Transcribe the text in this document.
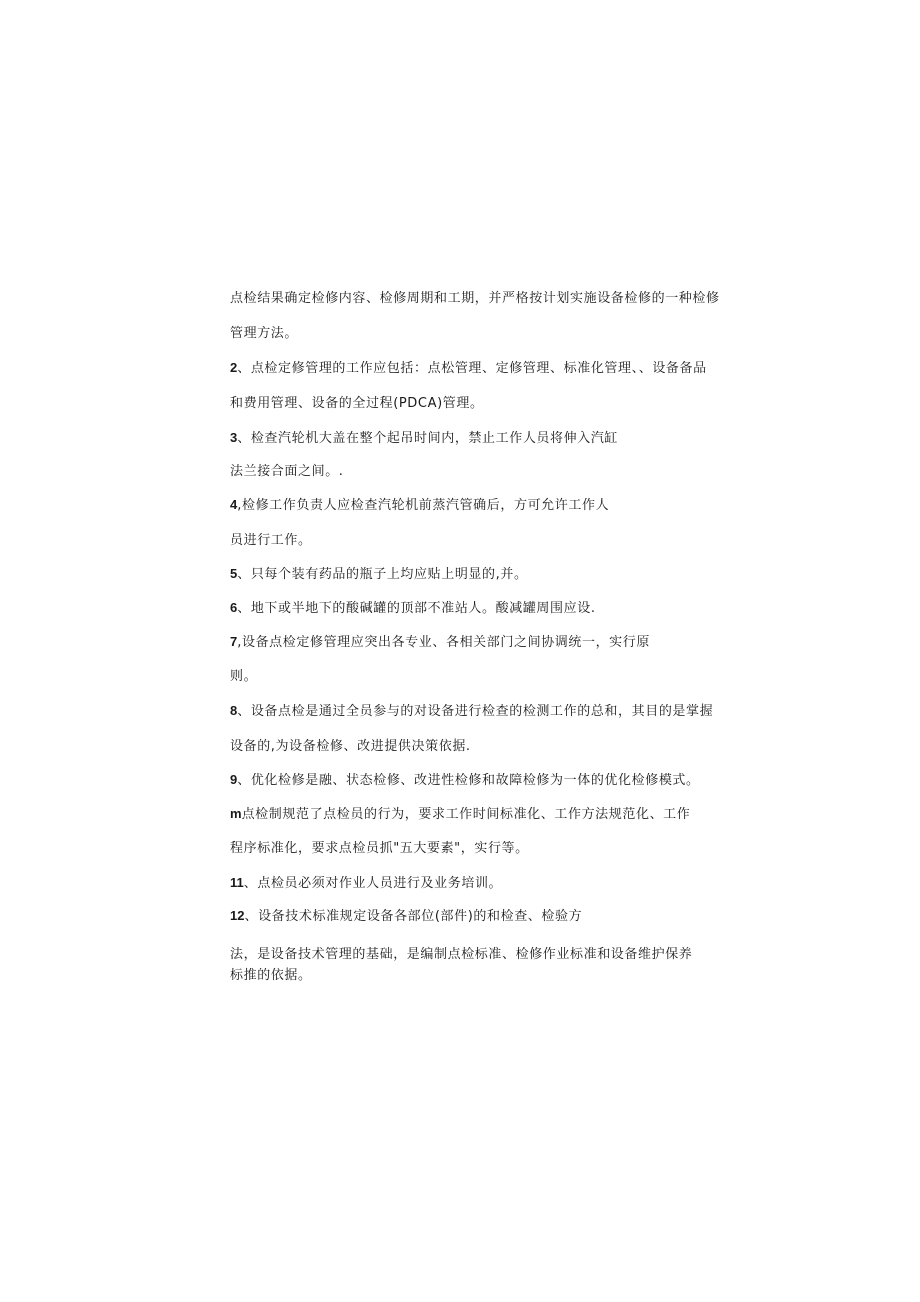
点检结果确定检修内容、检修周期和工期，并严格按计划实施设备检修的一种检修
管理方法。
2、点检定修管理的工作应包括：点松管理、定修管理、标准化管理、、设备备品
和费用管理、设备的全过程(PDCA)管理。
3、检查汽轮机大盖在整个起吊时间内，禁止工作人员将伸入汽缸
法兰接合面之间。.
4,检修工作负责人应检查汽轮机前蒸汽管确后，方可允许工作人
员进行工作。
5、只每个装有药品的瓶子上均应贴上明显的,并。
6、地下或半地下的酸碱罐的顶部不准站人。酸减罐周围应设.
7,设备点检定修管理应突出各专业、各相关部门之间协调统一，实行原
则。
8、设备点检是通过全员参与的对设备进行检查的检测工作的总和，其目的是掌握
设备的,为设备检修、改进提供决策依据.
9、优化检修是融、状态检修、改进性检修和故障检修为一体的优化检修模式。
m点检制规范了点检员的行为，要求工作时间标准化、工作方法规范化、工作
程序标准化，要求点检员抓"五大要素"，实行等。
11、点检员必须对作业人员进行及业务培训。
12、设备技术标准规定设备各部位(部件)的和检查、检验方
法，是设备技术管理的基础，是编制点检标准、检修作业标准和设备维护保养
标推的依据。
